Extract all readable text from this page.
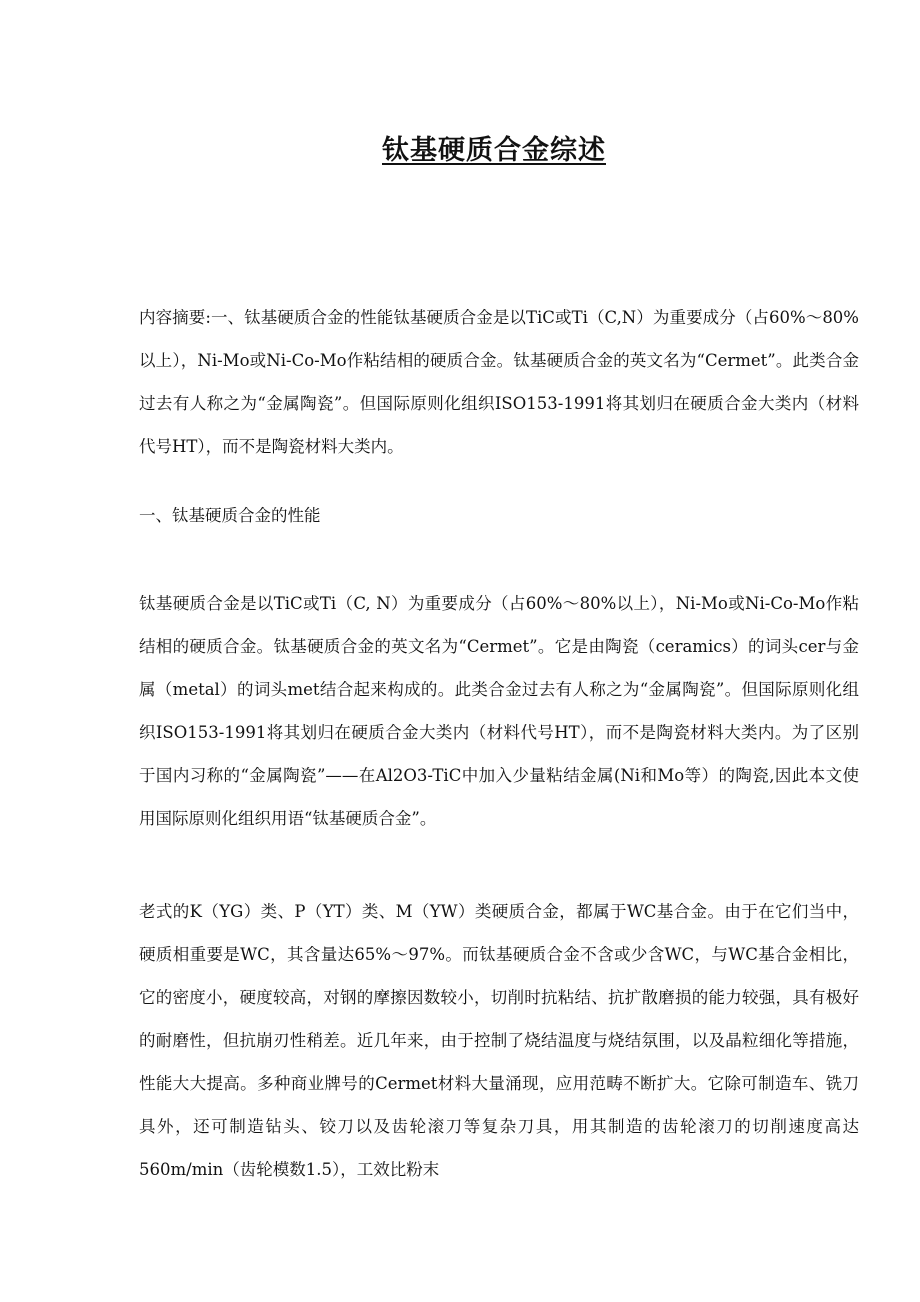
钛基硬质合金综述

内容摘要:一、钛基硬质合金的性能钛基硬质合金是以TiC或Ti（C,N）为重要成分（占60%～80%以上），Ni-Mo或Ni-Co-Mo作粘结相的硬质合金。钛基硬质合金的英文名为“Cermet”。此类合金过去有人称之为“金属陶瓷”。但国际原则化组织ISO153-1991将其划归在硬质合金大类内（材料代号HT），而不是陶瓷材料大类内。

一、钛基硬质合金的性能

钛基硬质合金是以TiC或Ti（C, N）为重要成分（占60%～80%以上），Ni-Mo或Ni-Co-Mo作粘结相的硬质合金。钛基硬质合金的英文名为“Cermet”。它是由陶瓷（ceramics）的词头cer与金属（metal）的词头met结合起来构成的。此类合金过去有人称之为“金属陶瓷”。但国际原则化组织ISO153-1991将其划归在硬质合金大类内（材料代号HT），而不是陶瓷材料大类内。为了区别于国内习称的“金属陶瓷”——在Al2O3-TiC中加入少量粘结金属(Ni和Mo等）的陶瓷,因此本文使用国际原则化组织用语“钛基硬质合金”。

老式的K（YG）类、P（YT）类、M（YW）类硬质合金，都属于WC基合金。由于在它们当中，硬质相重要是WC，其含量达65%～97%。而钛基硬质合金不含或少含WC，与WC基合金相比，它的密度小，硬度较高，对钢的摩擦因数较小，切削时抗粘结、抗扩散磨损的能力较强，具有极好的耐磨性，但抗崩刃性稍差。近几年来，由于控制了烧结温度与烧结氛围，以及晶粒细化等措施，性能大大提高。多种商业牌号的Cermet材料大量涌现，应用范畴不断扩大。它除可制造车、铣刀具外，还可制造钻头、铰刀以及齿轮滚刀等复杂刀具，用其制造的齿轮滚刀的切削速度高达560m/min（齿轮模数1.5），工效比粉末
